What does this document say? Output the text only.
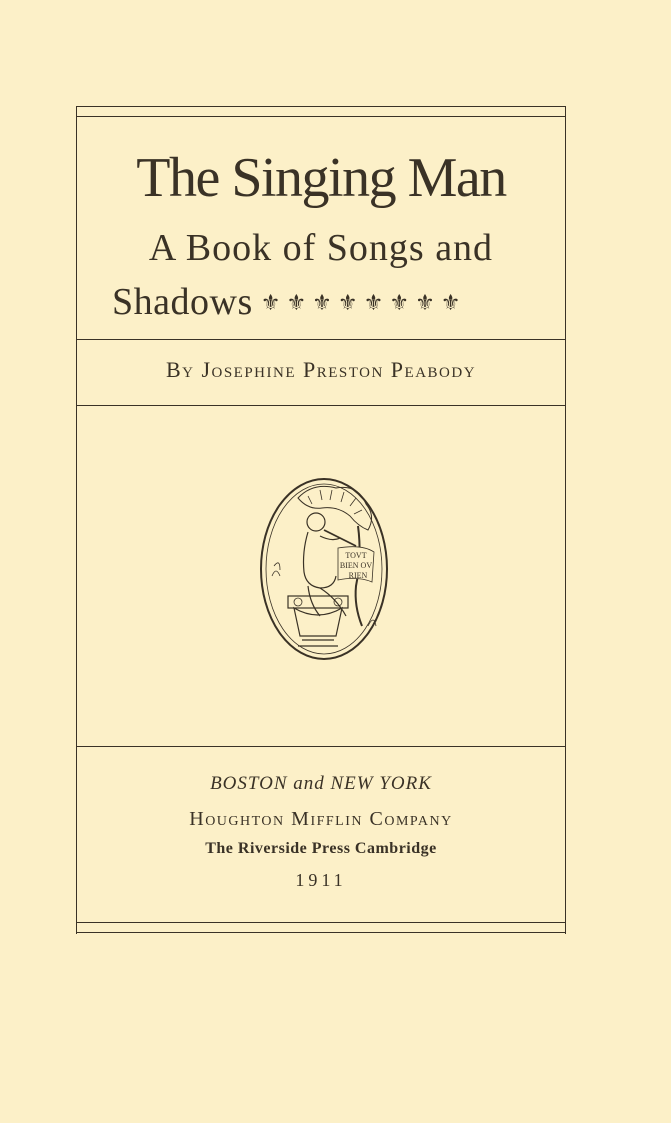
The Singing Man
A Book of Songs and
Shadows ⚜⚜⚜⚜⚜⚜⚜⚜
By Josephine Preston Peabody
TOVT
BIEN OV
RIEN
BOSTON and NEW YORK
Houghton Mifflin Company
The Riverside Press Cambridge
1911
